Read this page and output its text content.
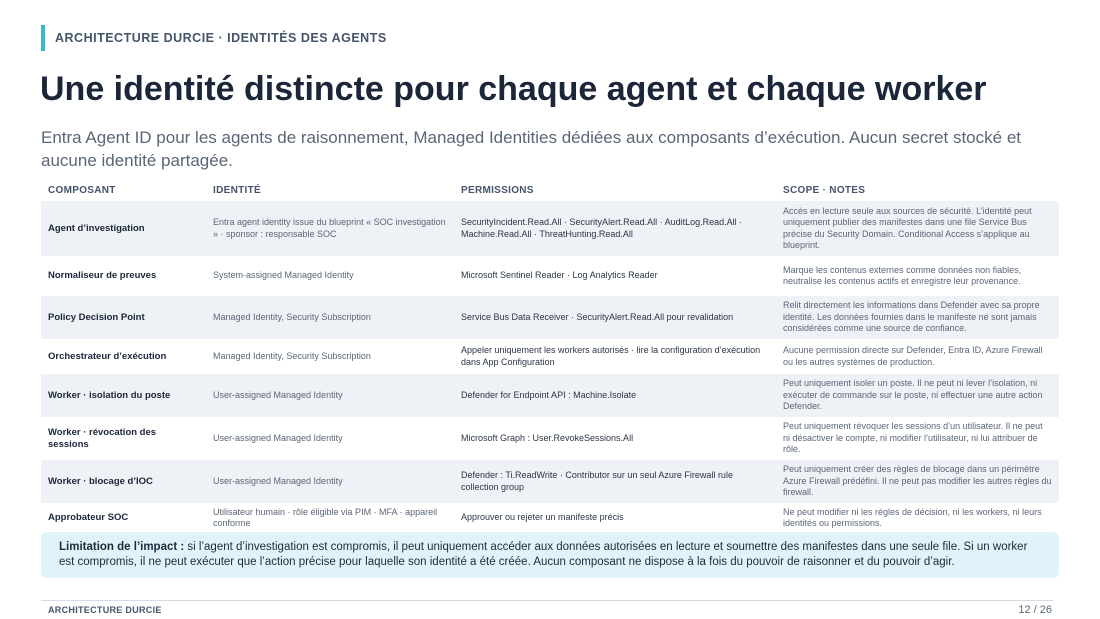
ARCHITECTURE DURCIE · IDENTITÉS DES AGENTS
Une identité distincte pour chaque agent et chaque worker

Entra Agent ID pour les agents de raisonnement, Managed Identities dédiées aux composants d’exécution. Aucun secret stocké et aucune identité partagée.

COMPOSANT	IDENTITÉ	PERMISSIONS	SCOPE · NOTES
Agent d’investigation	Entra agent identity issue du blueprint « SOC investigation » · sponsor : responsable SOC	SecurityIncident.Read.All · SecurityAlert.Read.All · AuditLog.Read.All · Machine.Read.All · ThreatHunting.Read.All	Accès en lecture seule aux sources de sécurité. L’identité peut uniquement publier des manifestes dans une file Service Bus précise du Security Domain. Conditional Access s’applique au blueprint.
Normaliseur de preuves	System-assigned Managed Identity	Microsoft Sentinel Reader · Log Analytics Reader	Marque les contenus externes comme données non fiables, neutralise les contenus actifs et enregistre leur provenance.
Policy Decision Point	Managed Identity, Security Subscription	Service Bus Data Receiver · SecurityAlert.Read.All pour revalidation	Relit directement les informations dans Defender avec sa propre identité. Les données fournies dans le manifeste ne sont jamais considérées comme une source de confiance.
Orchestrateur d’exécution	Managed Identity, Security Subscription	Appeler uniquement les workers autorisés · lire la configuration d’exécution dans App Configuration	Aucune permission directe sur Defender, Entra ID, Azure Firewall ou les autres systèmes de production.
Worker · isolation du poste	User-assigned Managed Identity	Defender for Endpoint API : Machine.Isolate	Peut uniquement isoler un poste. Il ne peut ni lever l’isolation, ni exécuter de commande sur le poste, ni effectuer une autre action Defender.
Worker · révocation des sessions	User-assigned Managed Identity	Microsoft Graph : User.RevokeSessions.All	Peut uniquement révoquer les sessions d’un utilisateur. Il ne peut ni désactiver le compte, ni modifier l’utilisateur, ni lui attribuer de rôle.
Worker · blocage d’IOC	User-assigned Managed Identity	Defender : Ti.ReadWrite · Contributor sur un seul Azure Firewall rule collection group	Peut uniquement créer des règles de blocage dans un périmètre Azure Firewall prédéfini. Il ne peut pas modifier les autres règles du firewall.
Approbateur SOC	Utilisateur humain · rôle éligible via PIM · MFA · appareil conforme	Approuver ou rejeter un manifeste précis	Ne peut modifier ni les règles de décision, ni les workers, ni leurs identités ou permissions.
Limitation de l’impact : si l’agent d’investigation est compromis, il peut uniquement accéder aux données autorisées en lecture et soumettre des manifestes dans une seule file. Si un worker est compromis, il ne peut exécuter que l’action précise pour laquelle son identité a été créée. Aucun composant ne dispose à la fois du pouvoir de raisonner et du pouvoir d’agir.
ARCHITECTURE DURCIE	12 / 26
